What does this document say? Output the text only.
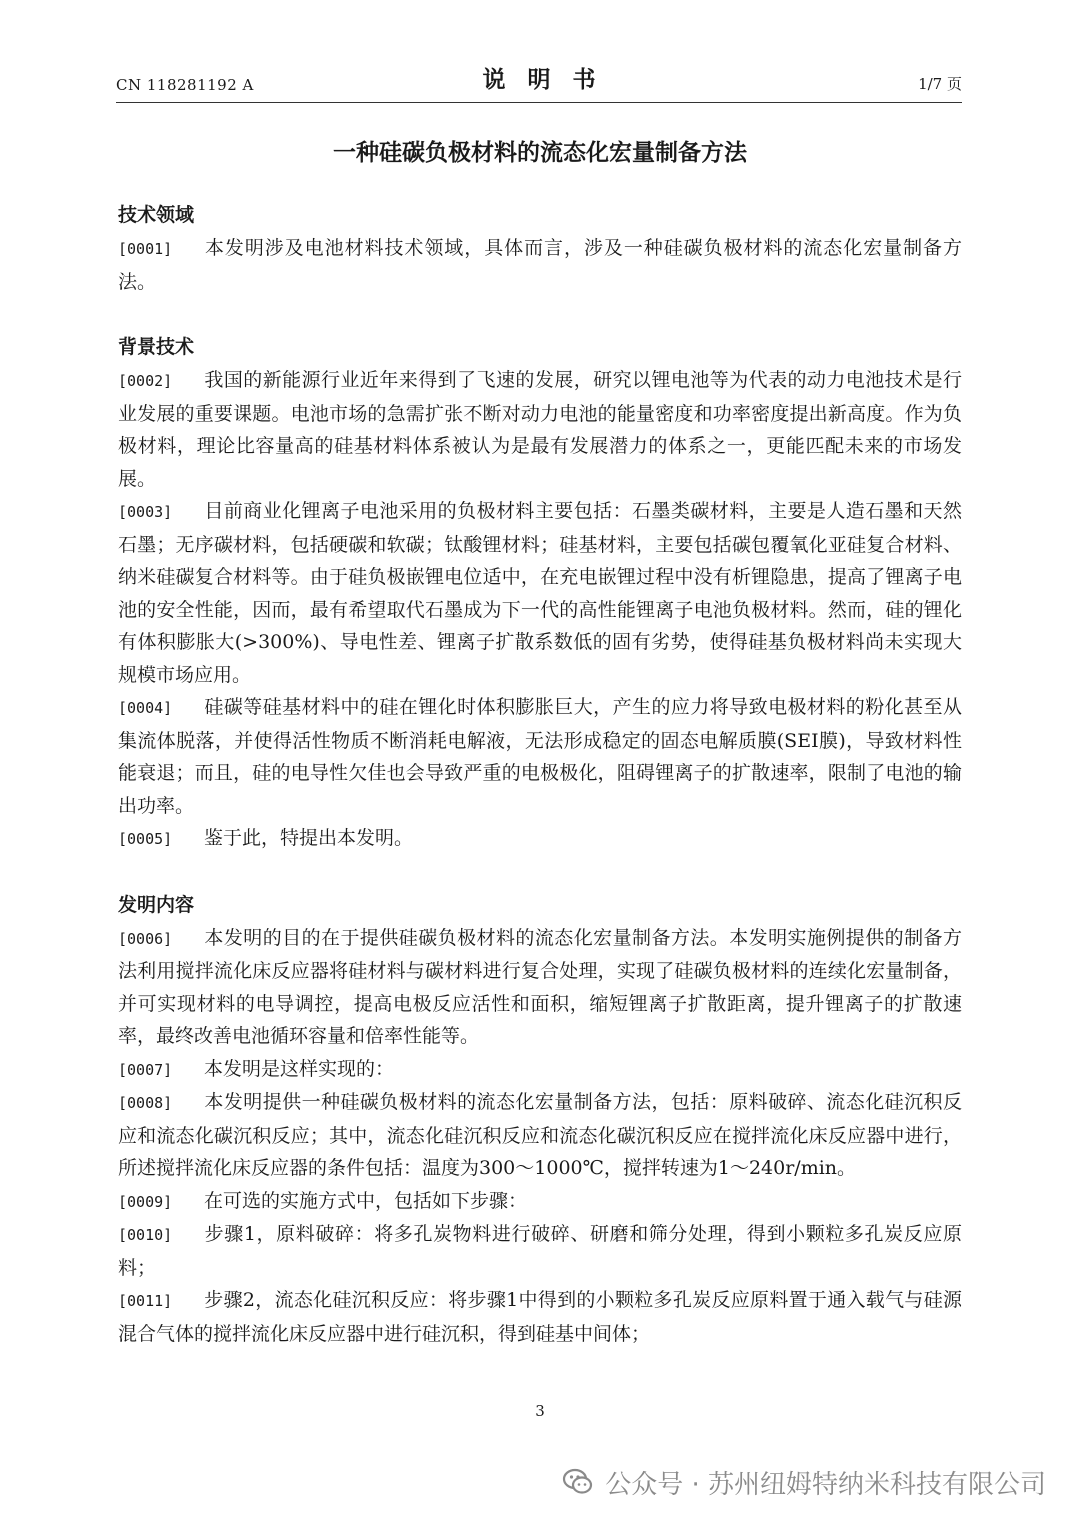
CN 118281192 A	说明书	1/7 页
一种硅碳负极材料的流态化宏量制备方法
技术领域
[0001] 本发明涉及电池材料技术领域，具体而言，涉及一种硅碳负极材料的流态化宏量制备方法。
背景技术
[0002] 我国的新能源行业近年来得到了飞速的发展，研究以锂电池等为代表的动力电池技术是行业发展的重要课题。电池市场的急需扩张不断对动力电池的能量密度和功率密度提出新高度。作为负极材料，理论比容量高的硅基材料体系被认为是最有发展潜力的体系之一，更能匹配未来的市场发展。
[0003] 目前商业化锂离子电池采用的负极材料主要包括：石墨类碳材料，主要是人造石墨和天然石墨；无序碳材料，包括硬碳和软碳；钛酸锂材料；硅基材料，主要包括碳包覆氧化亚硅复合材料、纳米硅碳复合材料等。由于硅负极嵌锂电位适中，在充电嵌锂过程中没有析锂隐患，提高了锂离子电池的安全性能，因而，最有希望取代石墨成为下一代的高性能锂离子电池负极材料。然而，硅的锂化有体积膨胀大(>300%)、导电性差、锂离子扩散系数低的固有劣势，使得硅基负极材料尚未实现大规模市场应用。
[0004] 硅碳等硅基材料中的硅在锂化时体积膨胀巨大，产生的应力将导致电极材料的粉化甚至从集流体脱落，并使得活性物质不断消耗电解液，无法形成稳定的固态电解质膜(SEI膜)，导致材料性能衰退；而且，硅的电导性欠佳也会导致严重的电极极化，阻碍锂离子的扩散速率，限制了电池的输出功率。
[0005] 鉴于此，特提出本发明。
发明内容
[0006] 本发明的目的在于提供硅碳负极材料的流态化宏量制备方法。本发明实施例提供的制备方法利用搅拌流化床反应器将硅材料与碳材料进行复合处理，实现了硅碳负极材料的连续化宏量制备，并可实现材料的电导调控，提高电极反应活性和面积，缩短锂离子扩散距离，提升锂离子的扩散速率，最终改善电池循环容量和倍率性能等。
[0007] 本发明是这样实现的：
[0008] 本发明提供一种硅碳负极材料的流态化宏量制备方法，包括：原料破碎、流态化硅沉积反应和流态化碳沉积反应；其中，流态化硅沉积反应和流态化碳沉积反应在搅拌流化床反应器中进行，所述搅拌流化床反应器的条件包括：温度为300～1000℃，搅拌转速为1～240r/min。
[0009] 在可选的实施方式中，包括如下步骤：
[0010] 步骤1，原料破碎：将多孔炭物料进行破碎、研磨和筛分处理，得到小颗粒多孔炭反应原料；
[0011] 步骤2，流态化硅沉积反应：将步骤1中得到的小颗粒多孔炭反应原料置于通入载气与硅源混合气体的搅拌流化床反应器中进行硅沉积，得到硅基中间体；
3
公众号 · 苏州纽姆特纳米科技有限公司
